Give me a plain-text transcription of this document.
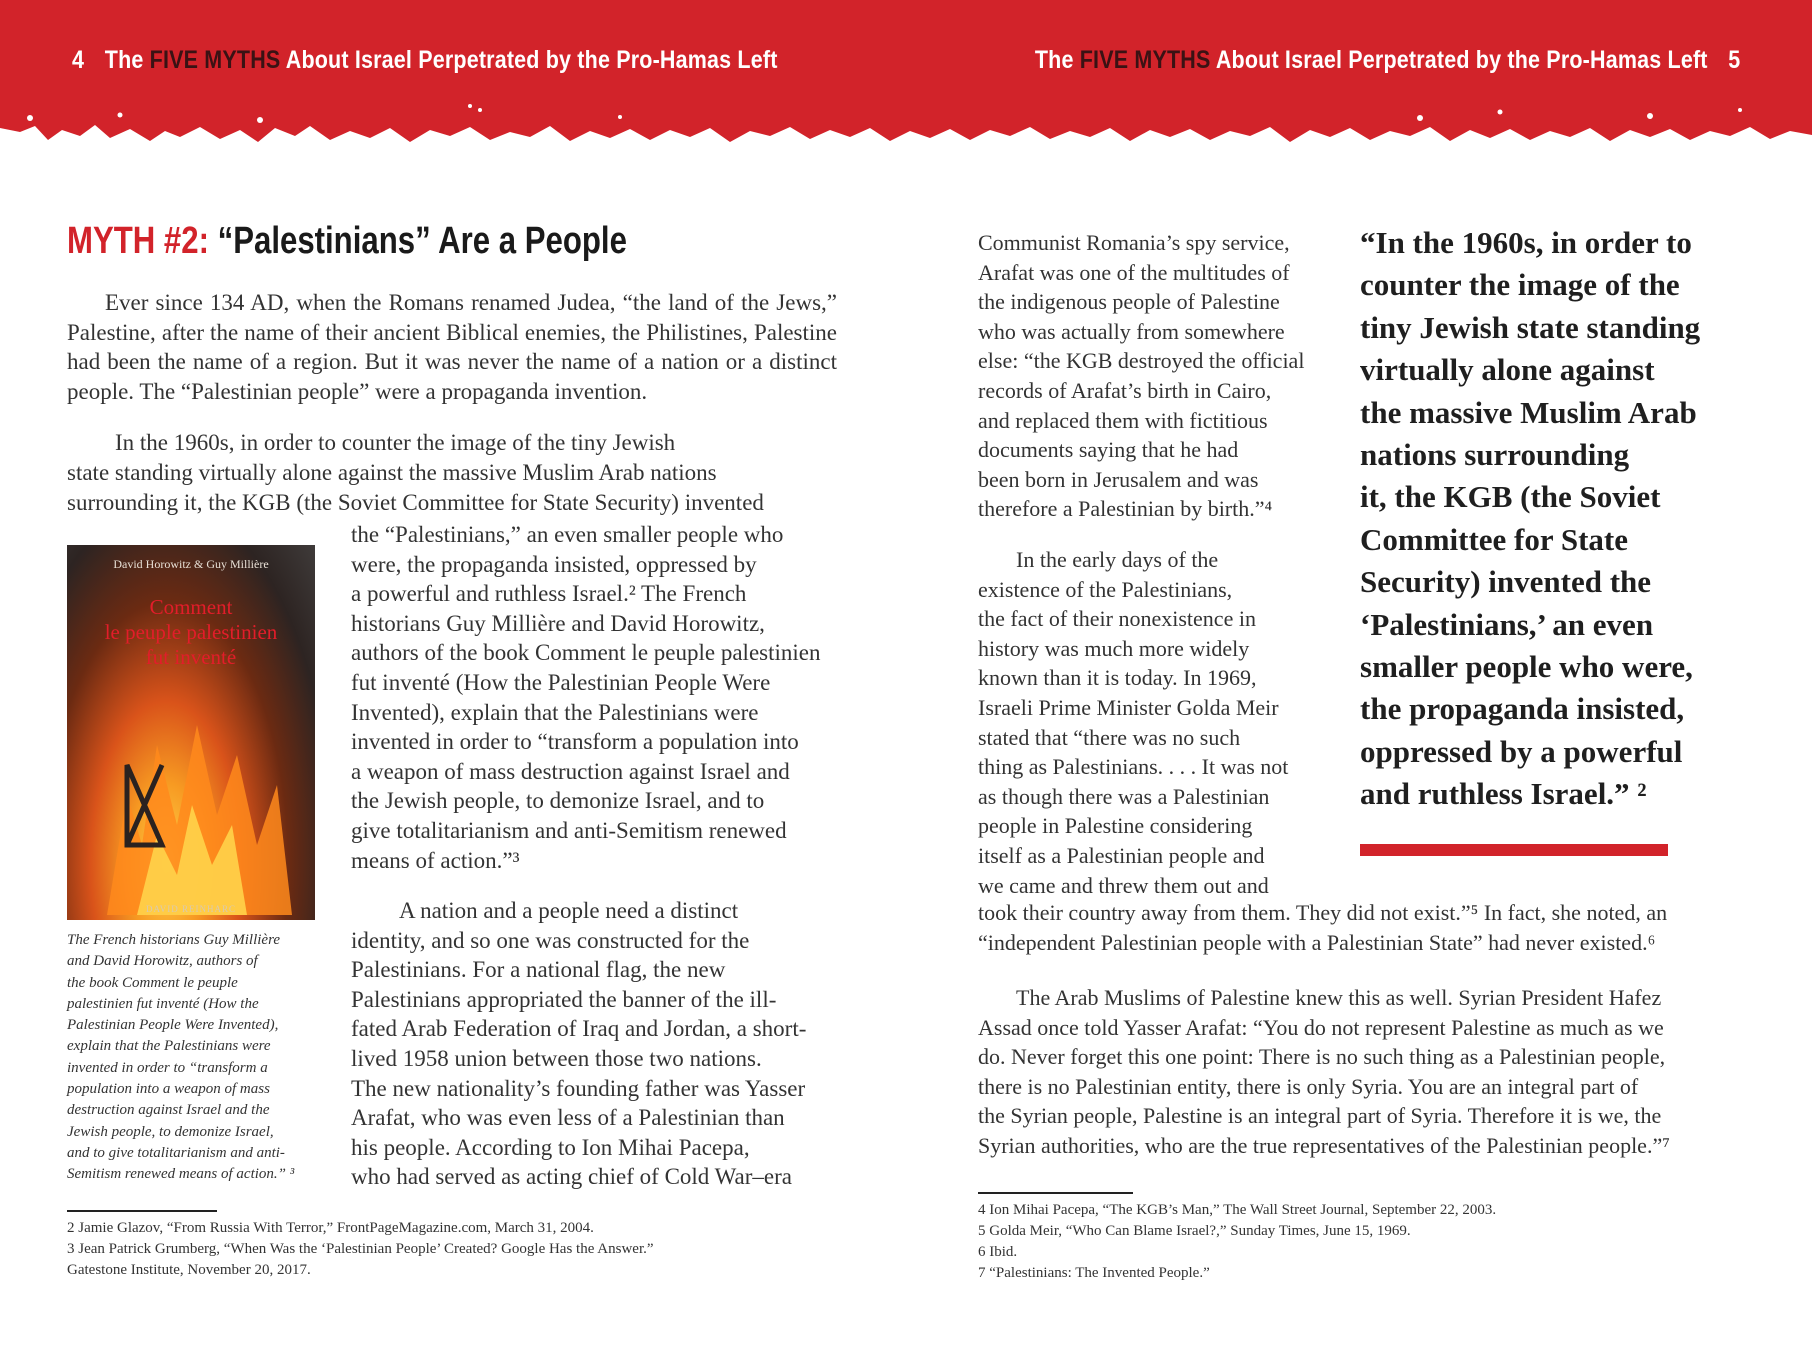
4 The FIVE MYTHS About Israel Perpetrated by the Pro-Hamas Left	The FIVE MYTHS About Israel Perpetrated by the Pro-Hamas Left 5
MYTH #2: “Palestinians” Are a People

Ever since 134 AD, when the Romans renamed Judea, “the land of the Jews,” Palestine, after the name of their ancient Biblical enemies, the Philistines, Palestine had been the name of a region. But it was never the name of a nation or a distinct people. The “Palestinian people” were a propaganda invention.

In the 1960s, in order to counter the image of the tiny Jewish
state standing virtually alone against the massive Muslim Arab nations
surrounding it, the KGB (the Soviet Committee for State Security) invented
David Horowitz & Guy Millière
Comment
le peuple palestinien
fut inventé
DAVID REINHARC
The French historians Guy Millière
and David Horowitz, authors of
the book Comment le peuple
palestinien fut inventé (How the
Palestinian People Were Invented),
explain that the Palestinians were
invented in order to “transform a
population into a weapon of mass
destruction against Israel and the
Jewish people, to demonize Israel,
and to give totalitarianism and anti-
Semitism renewed means of action.” ³
the “Palestinians,” an even smaller people who
were, the propaganda insisted, oppressed by
a powerful and ruthless Israel.² The French
historians Guy Millière and David Horowitz,
authors of the book Comment le peuple palestinien
fut inventé (How the Palestinian People Were
Invented), explain that the Palestinians were
invented in order to “transform a population into
a weapon of mass destruction against Israel and
the Jewish people, to demonize Israel, and to
give totalitarianism and anti-Semitism renewed
means of action.”³
A nation and a people need a distinct
identity, and so one was constructed for the
Palestinians. For a national flag, the new
Palestinians appropriated the banner of the ill-
fated Arab Federation of Iraq and Jordan, a short-
lived 1958 union between those two nations.
The new nationality’s founding father was Yasser
Arafat, who was even less of a Palestinian than
his people. According to Ion Mihai Pacepa,
who had served as acting chief of Cold War–era
2 Jamie Glazov, “From Russia With Terror,” FrontPageMagazine.com, March 31, 2004.
3 Jean Patrick Grumberg, “When Was the ‘Palestinian People’ Created? Google Has the Answer.”
Gatestone Institute, November 20, 2017.
Communist Romania’s spy service,
Arafat was one of the multitudes of
the indigenous people of Palestine
who was actually from somewhere
else: “the KGB destroyed the official
records of Arafat’s birth in Cairo,
and replaced them with fictitious
documents saying that he had
been born in Jerusalem and was
therefore a Palestinian by birth.”⁴
In the early days of the
existence of the Palestinians,
the fact of their nonexistence in
history was much more widely
known than it is today. In 1969,
Israeli Prime Minister Golda Meir
stated that “there was no such
thing as Palestinians. . . . It was not
as though there was a Palestinian
people in Palestine considering
itself as a Palestinian people and
we came and threw them out and
took their country away from them. They did not exist.”⁵ In fact, she noted, an
“independent Palestinian people with a Palestinian State” had never existed.⁶
The Arab Muslims of Palestine knew this as well. Syrian President Hafez
Assad once told Yasser Arafat: “You do not represent Palestine as much as we
do. Never forget this one point: There is no such thing as a Palestinian people,
there is no Palestinian entity, there is only Syria. You are an integral part of
the Syrian people, Palestine is an integral part of Syria. Therefore it is we, the
Syrian authorities, who are the true representatives of the Palestinian people.”⁷
“In the 1960s, in order to
counter the image of the
tiny Jewish state standing
virtually alone against
the massive Muslim Arab
nations surrounding
it, the KGB (the Soviet
Committee for State
Security) invented the
‘Palestinians,’ an even
smaller people who were,
the propaganda insisted,
oppressed by a powerful
and ruthless Israel.” ²
4 Ion Mihai Pacepa, “The KGB’s Man,” The Wall Street Journal, September 22, 2003.
5 Golda Meir, “Who Can Blame Israel?,” Sunday Times, June 15, 1969.
6 Ibid.
7 “Palestinians: The Invented People.”
